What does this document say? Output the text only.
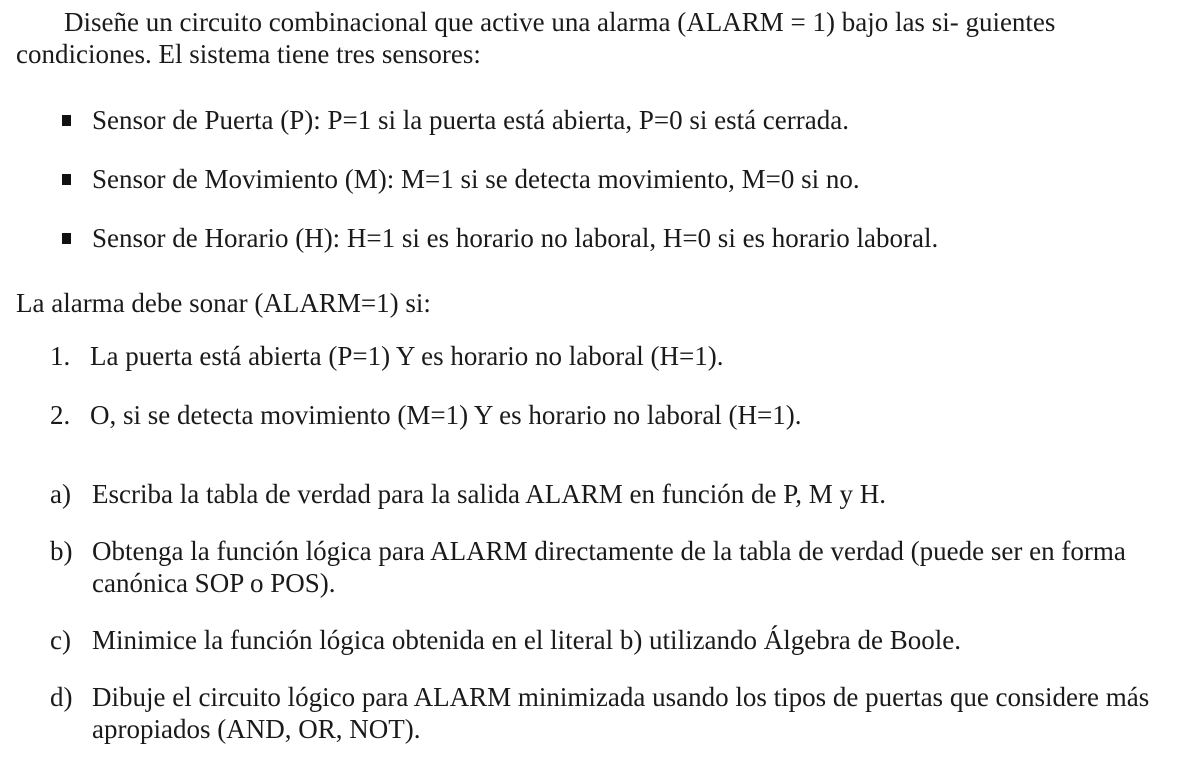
Diseñe un circuito combinacional que active una alarma (ALARM = 1) bajo las si- guientes condiciones. El sistema tiene tres sensores:

Sensor de Puerta (P): P=1 si la puerta está abierta, P=0 si está cerrada.
Sensor de Movimiento (M): M=1 si se detecta movimiento, M=0 si no.
Sensor de Horario (H): H=1 si es horario no laboral, H=0 si es horario laboral.

La alarma debe sonar (ALARM=1) si:

1. La puerta está abierta (P=1) Y es horario no laboral (H=1).
2. O, si se detecta movimiento (M=1) Y es horario no laboral (H=1).
a) Escriba la tabla de verdad para la salida ALARM en función de P, M y H.
b) Obtenga la función lógica para ALARM directamente de la tabla de verdad (puede ser en forma canónica SOP o POS).
c) Minimice la función lógica obtenida en el literal b) utilizando Álgebra de Boole.
d) Dibuje el circuito lógico para ALARM minimizada usando los tipos de puertas que considere más apropiados (AND, OR, NOT).
